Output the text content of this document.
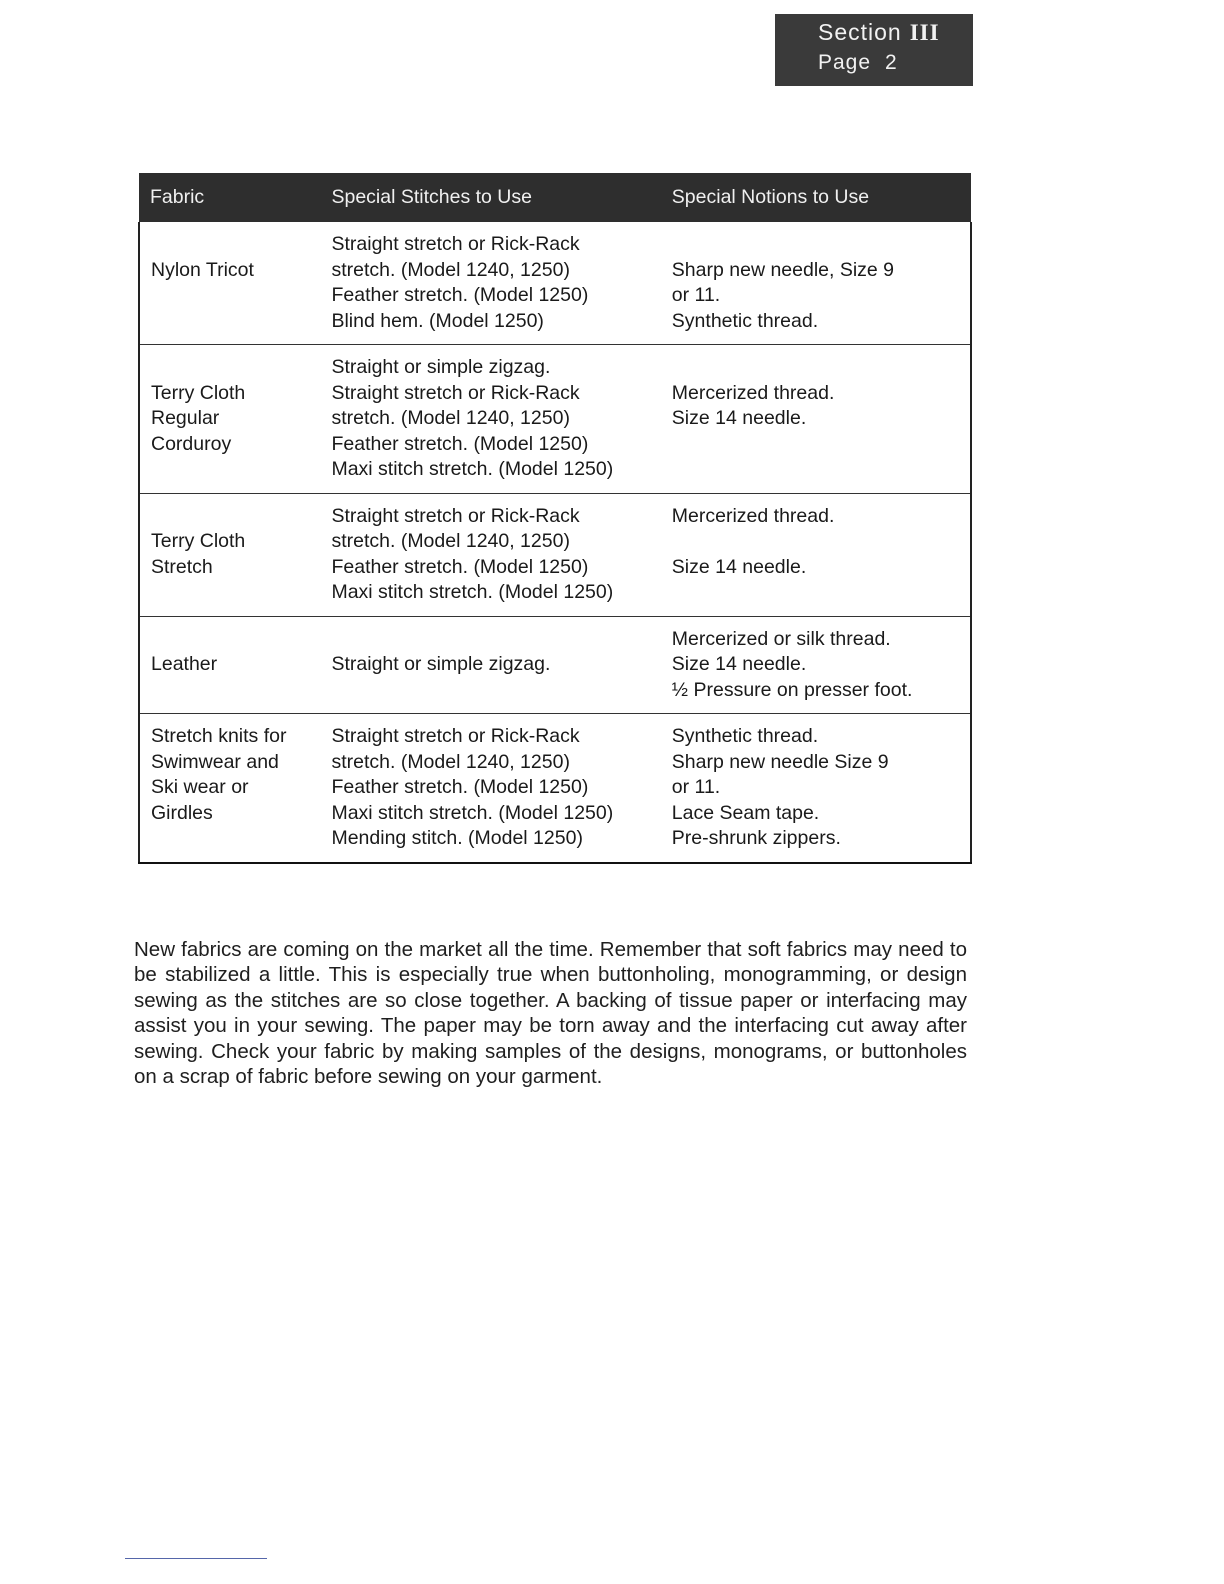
Section III
Page 2
Fabric	Special Stitches to Use	Special Notions to Use

Nylon Tricot	Straight stretch or Rick-Rack
stretch. (Model 1240, 1250)
Feather stretch. (Model 1250)
Blind hem. (Model 1250)	Sharp new needle, Size 9
or 11.
Synthetic thread.

Terry Cloth
Regular
Corduroy	Straight or simple zigzag.
Straight stretch or Rick-Rack
stretch. (Model 1240, 1250)
Feather stretch. (Model 1250)
Maxi stitch stretch. (Model 1250)	Mercerized thread.
Size 14 needle.

Terry Cloth
Stretch	Straight stretch or Rick-Rack
stretch. (Model 1240, 1250)
Feather stretch. (Model 1250)
Maxi stitch stretch. (Model 1250)	Mercerized thread.
Size 14 needle.

Leather	Straight or simple zigzag.	Mercerized or silk thread.
Size 14 needle.
½ Pressure on presser foot.

Stretch knits for
Swimwear and
Ski wear or
Girdles	Straight stretch or Rick-Rack
stretch. (Model 1240, 1250)
Feather stretch. (Model 1250)
Maxi stitch stretch. (Model 1250)
Mending stitch. (Model 1250)	Synthetic thread.
Sharp new needle Size 9
or 11.
Lace Seam tape.
Pre-shrunk zippers.

New fabrics are coming on the market all the time. Remember that soft fabrics may need to be stabilized a little. This is especially true when buttonholing, monogramming, or design sewing as the stitches are so close together. A backing of tissue paper or interfacing may assist you in your sewing. The paper may be torn away and the interfacing cut away after sewing. Check your fabric by making samples of the designs, monograms, or buttonholes on a scrap of fabric before sewing on your garment.
